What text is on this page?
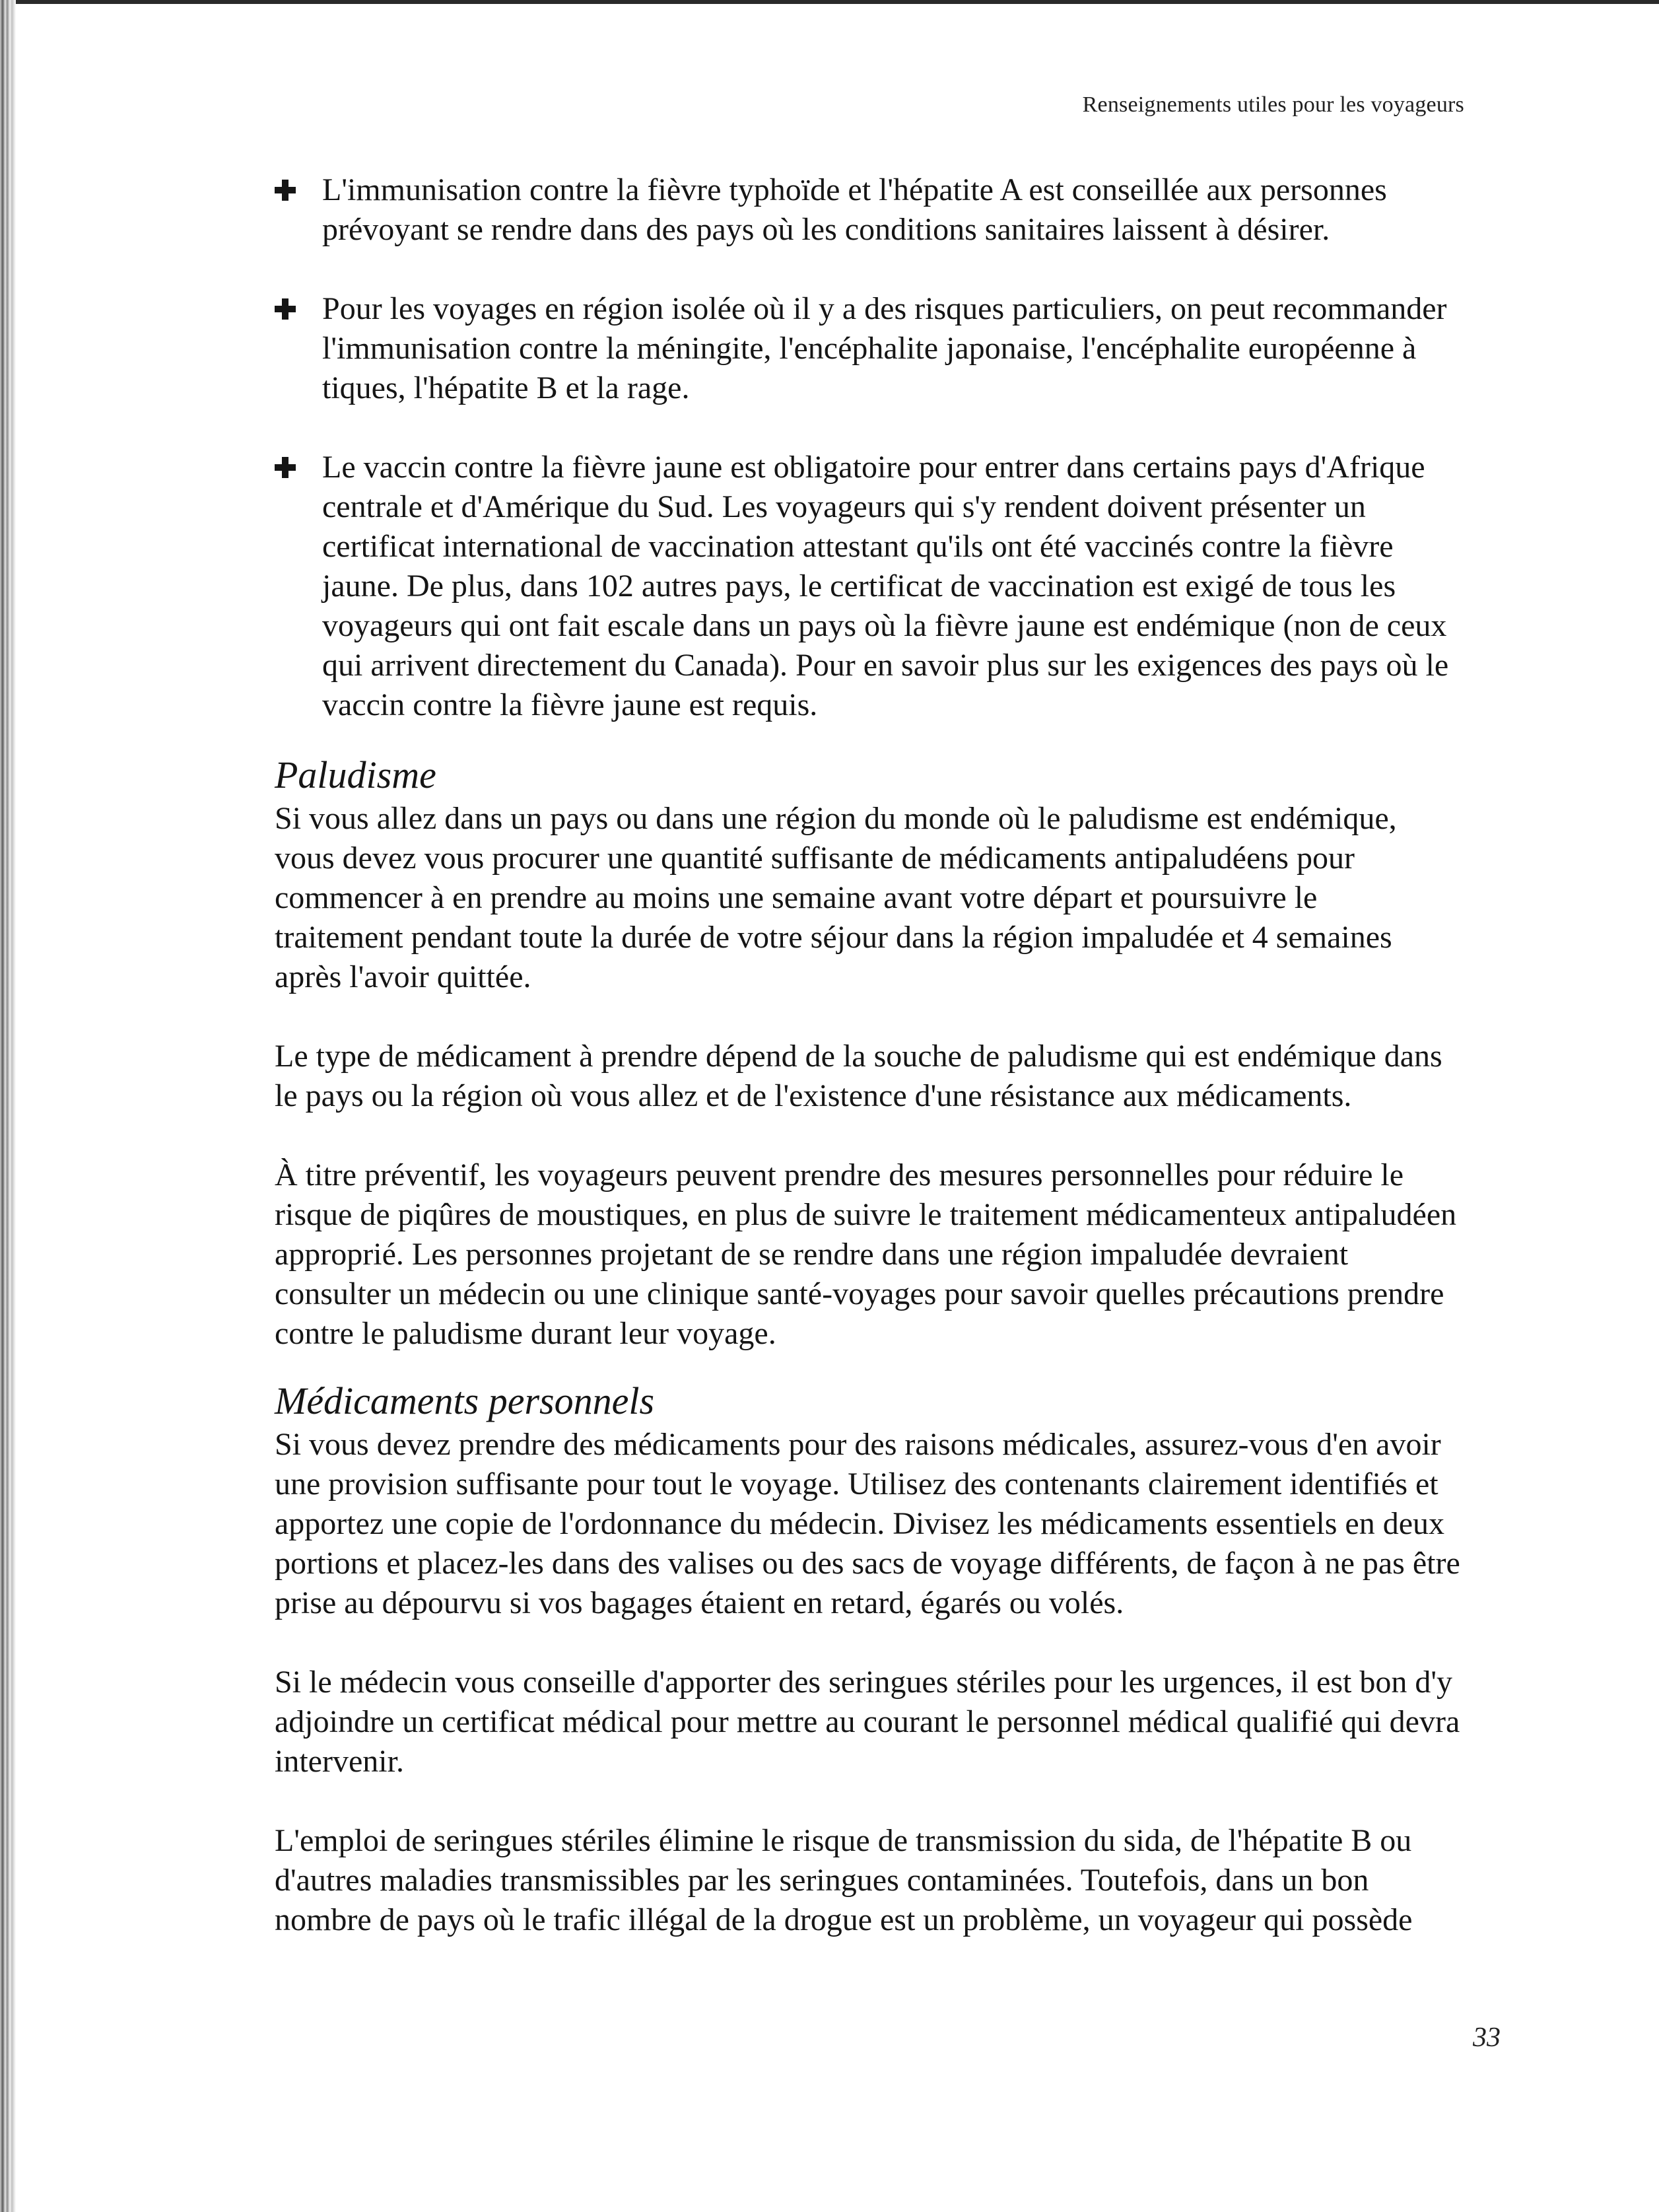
Renseignements utiles pour les voyageurs
L'immunisation contre la fièvre typhoïde et l'hépatite A est conseillée aux personnes
prévoyant se rendre dans des pays où les conditions sanitaires laissent à désirer.
Pour les voyages en région isolée où il y a des risques particuliers, on peut recommander
l'immunisation contre la méningite, l'encéphalite japonaise, l'encéphalite européenne à
tiques, l'hépatite B et la rage.
Le vaccin contre la fièvre jaune est obligatoire pour entrer dans certains pays d'Afrique
centrale et d'Amérique du Sud. Les voyageurs qui s'y rendent doivent présenter un
certificat international de vaccination attestant qu'ils ont été vaccinés contre la fièvre
jaune. De plus, dans 102 autres pays, le certificat de vaccination est exigé de tous les
voyageurs qui ont fait escale dans un pays où la fièvre jaune est endémique (non de ceux
qui arrivent directement du Canada). Pour en savoir plus sur les exigences des pays où le
vaccin contre la fièvre jaune est requis.
Paludisme
Si vous allez dans un pays ou dans une région du monde où le paludisme est endémique,
vous devez vous procurer une quantité suffisante de médicaments antipaludéens pour
commencer à en prendre au moins une semaine avant votre départ et poursuivre le
traitement pendant toute la durée de votre séjour dans la région impaludée et 4 semaines
après l'avoir quittée.
Le type de médicament à prendre dépend de la souche de paludisme qui est endémique dans
le pays ou la région où vous allez et de l'existence d'une résistance aux médicaments.
À titre préventif, les voyageurs peuvent prendre des mesures personnelles pour réduire le
risque de piqûres de moustiques, en plus de suivre le traitement médicamenteux antipaludéen
approprié. Les personnes projetant de se rendre dans une région impaludée devraient
consulter un médecin ou une clinique santé-voyages pour savoir quelles précautions prendre
contre le paludisme durant leur voyage.
Médicaments personnels
Si vous devez prendre des médicaments pour des raisons médicales, assurez-vous d'en avoir
une provision suffisante pour tout le voyage. Utilisez des contenants clairement identifiés et
apportez une copie de l'ordonnance du médecin. Divisez les médicaments essentiels en deux
portions et placez-les dans des valises ou des sacs de voyage différents, de façon à ne pas être
prise au dépourvu si vos bagages étaient en retard, égarés ou volés.
Si le médecin vous conseille d'apporter des seringues stériles pour les urgences, il est bon d'y
adjoindre un certificat médical pour mettre au courant le personnel médical qualifié qui devra
intervenir.
L'emploi de seringues stériles élimine le risque de transmission du sida, de l'hépatite B ou
d'autres maladies transmissibles par les seringues contaminées. Toutefois, dans un bon
nombre de pays où le trafic illégal de la drogue est un problème, un voyageur qui possède
33
